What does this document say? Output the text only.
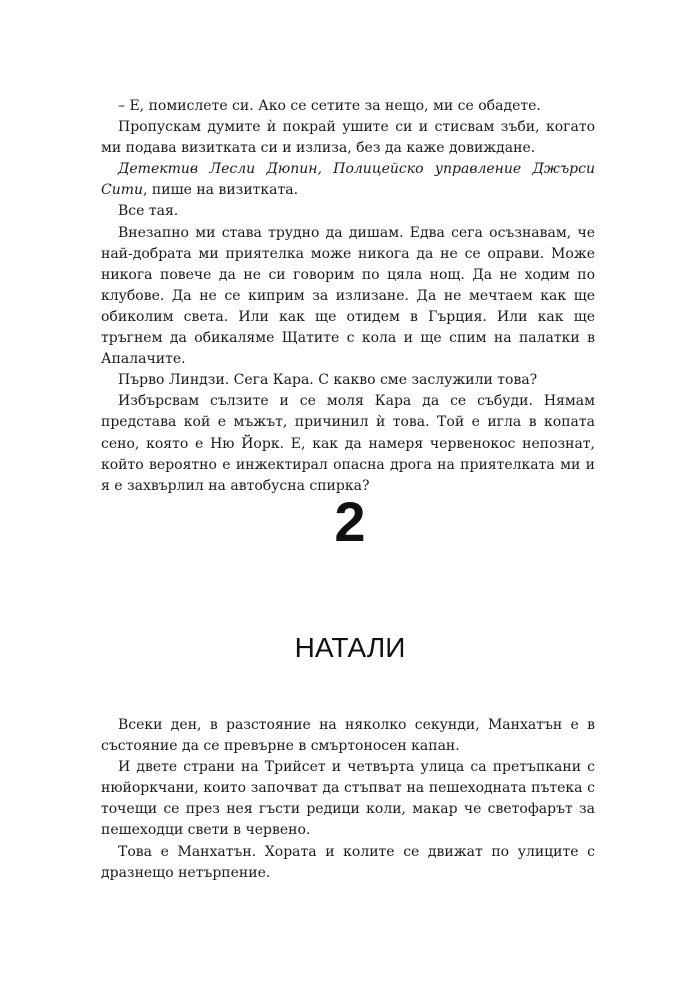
– Е, помислете си. Ако се сетите за нещо, ми се обадете.

Пропускам думите ѝ покрай ушите си и стисвам зъби, когато ми подава визитката си и излиза, без да каже довиждане.

Детектив Лесли Дюпин, Полицейско управление Джърси Сити, пише на визитката.

Все тая.

Внезапно ми става трудно да дишам. Едва сега осъзнавам, че най-добрата ми приятелка може никога да не се оправи. Може никога повече да не си говорим по цяла нощ. Да не ходим по клубове. Да не се киприм за излизане. Да не мечтаем как ще обиколим света. Или как ще отидем в Гърция. Или как ще тръгнем да обикаляме Щатите с кола и ще спим на палатки в Апалачите.

Първо Линдзи. Сега Кара. С какво сме заслужили това?

Избърсвам сълзите и се моля Кара да се събуди. Нямам представа кой е мъжът, причинил ѝ това. Той е игла в копата сено, която е Ню Йорк. Е, как да намеря червенокос непознат, който вероятно е инжектирал опасна дрога на приятелката ми и я е захвърлил на автобусна спирка?

2
НАТАЛИ

Всеки ден, в разстояние на няколко секунди, Манхатън е в състояние да се превърне в смъртоносен капан.

И двете страни на Трийсет и четвърта улица са претъпкани с нюйоркчани, които започват да стъпват на пешеходната пътека с точещи се през нея гъсти редици коли, макар че светофарът за пешеходци свети в червено.

Това е Манхатън. Хората и колите се движат по улиците с дразнещо нетърпение.
